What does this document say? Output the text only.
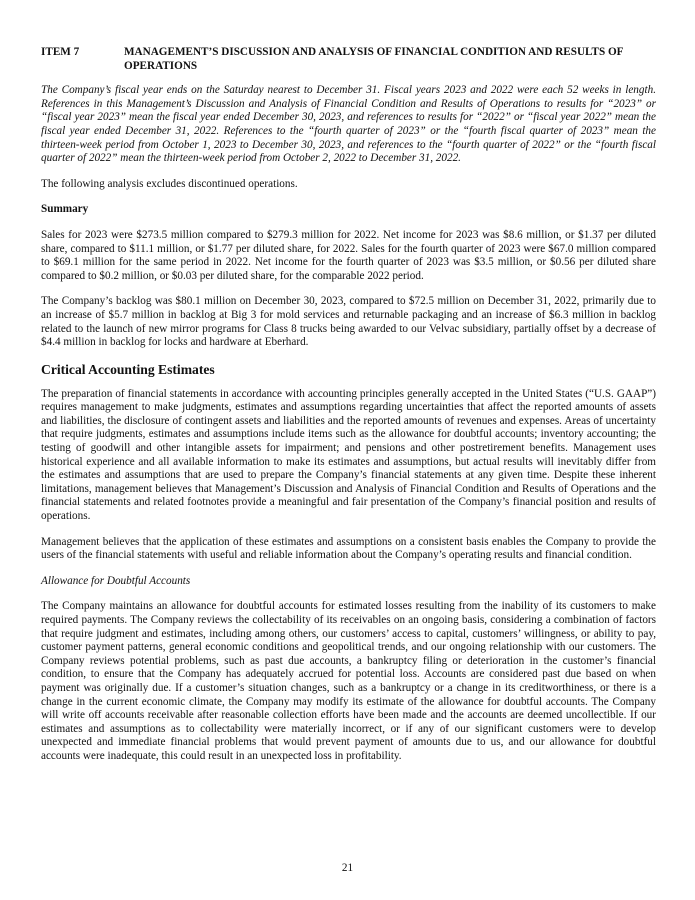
ITEM 7	MANAGEMENT’S DISCUSSION AND ANALYSIS OF FINANCIAL CONDITION AND RESULTS OF OPERATIONS

The Company’s fiscal year ends on the Saturday nearest to December 31. Fiscal years 2023 and 2022 were each 52 weeks in length. References in this Management’s Discussion and Analysis of Financial Condition and Results of Operations to results for “2023” or “fiscal year 2023” mean the fiscal year ended December 30, 2023, and references to results for “2022” or “fiscal year 2022” mean the fiscal year ended December 31, 2022. References to the “fourth quarter of 2023” or the “fourth fiscal quarter of 2023” mean the thirteen-week period from October 1, 2023 to December 30, 2023, and references to the “fourth quarter of 2022” or the “fourth fiscal quarter of 2022” mean the thirteen-week period from October 2, 2022 to December 31, 2022.

The following analysis excludes discontinued operations.

Summary

Sales for 2023 were $273.5 million compared to $279.3 million for 2022. Net income for 2023 was $8.6 million, or $1.37 per diluted share, compared to $11.1 million, or $1.77 per diluted share, for 2022. Sales for the fourth quarter of 2023 were $67.0 million compared to $69.1 million for the same period in 2022. Net income for the fourth quarter of 2023 was $3.5 million, or $0.56 per diluted share compared to $0.2 million, or $0.03 per diluted share, for the comparable 2022 period.

The Company’s backlog was $80.1 million on December 30, 2023, compared to $72.5 million on December 31, 2022, primarily due to an increase of $5.7 million in backlog at Big 3 for mold services and returnable packaging and an increase of $6.3 million in backlog related to the launch of new mirror programs for Class 8 trucks being awarded to our Velvac subsidiary, partially offset by a decrease of $4.4 million in backlog for locks and hardware at Eberhard.

Critical Accounting Estimates

The preparation of financial statements in accordance with accounting principles generally accepted in the United States (“U.S. GAAP”) requires management to make judgments, estimates and assumptions regarding uncertainties that affect the reported amounts of assets and liabilities, the disclosure of contingent assets and liabilities and the reported amounts of revenues and expenses. Areas of uncertainty that require judgments, estimates and assumptions include items such as the allowance for doubtful accounts; inventory accounting; the testing of goodwill and other intangible assets for impairment; and pensions and other postretirement benefits. Management uses historical experience and all available information to make its estimates and assumptions, but actual results will inevitably differ from the estimates and assumptions that are used to prepare the Company’s financial statements at any given time. Despite these inherent limitations, management believes that Management’s Discussion and Analysis of Financial Condition and Results of Operations and the financial statements and related footnotes provide a meaningful and fair presentation of the Company’s financial position and results of operations.

Management believes that the application of these estimates and assumptions on a consistent basis enables the Company to provide the users of the financial statements with useful and reliable information about the Company’s operating results and financial condition.

Allowance for Doubtful Accounts

The Company maintains an allowance for doubtful accounts for estimated losses resulting from the inability of its customers to make required payments. The Company reviews the collectability of its receivables on an ongoing basis, considering a combination of factors that require judgment and estimates, including among others, our customers’ access to capital, customers’ willingness, or ability to pay, customer payment patterns, general economic conditions and geopolitical trends, and our ongoing relationship with our customers. The Company reviews potential problems, such as past due accounts, a bankruptcy filing or deterioration in the customer’s financial condition, to ensure that the Company has adequately accrued for potential loss. Accounts are considered past due based on when payment was originally due. If a customer’s situation changes, such as a bankruptcy or a change in its creditworthiness, or there is a change in the current economic climate, the Company may modify its estimate of the allowance for doubtful accounts. The Company will write off accounts receivable after reasonable collection efforts have been made and the accounts are deemed uncollectible. If our estimates and assumptions as to collectability were materially incorrect, or if any of our significant customers were to develop unexpected and immediate financial problems that would prevent payment of amounts due to us, and our allowance for doubtful accounts were inadequate, this could result in an unexpected loss in profitability.

21
